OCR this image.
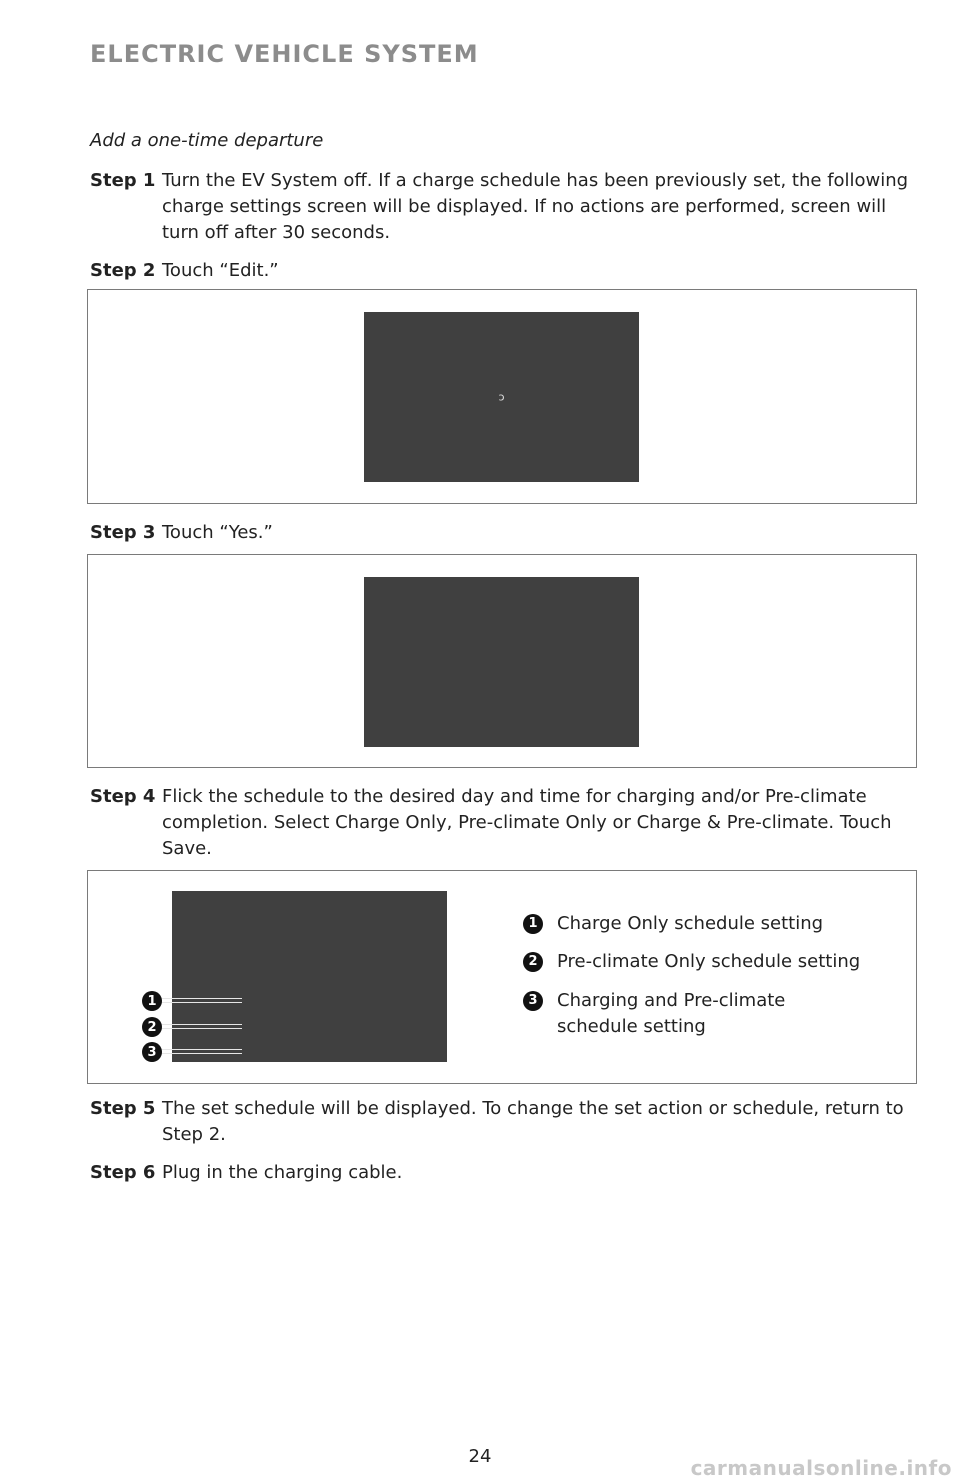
ELECTRIC VEHICLE SYSTEM
Add a one-time departure
Step 1 Turn the EV System off. If a charge schedule has been previously set, the following charge settings screen will be displayed. If no actions are performed, screen will turn off after 30 seconds.
Step 2 Touch “Edit.”
ɔ
Step 3 Touch “Yes.”
Step 4 Flick the schedule to the desired day and time for charging and/or Pre-climate completion. Select Charge Only, Pre-climate Only or Charge & Pre-climate. Touch Save.
1
2
3
1	Charge Only schedule setting
2	Pre-climate Only schedule setting
3	Charging and Pre-climate schedule setting
Step 5 The set schedule will be displayed. To change the set action or schedule, return to Step 2.
Step 6 Plug in the charging cable.
24	carmanualsonline.info
